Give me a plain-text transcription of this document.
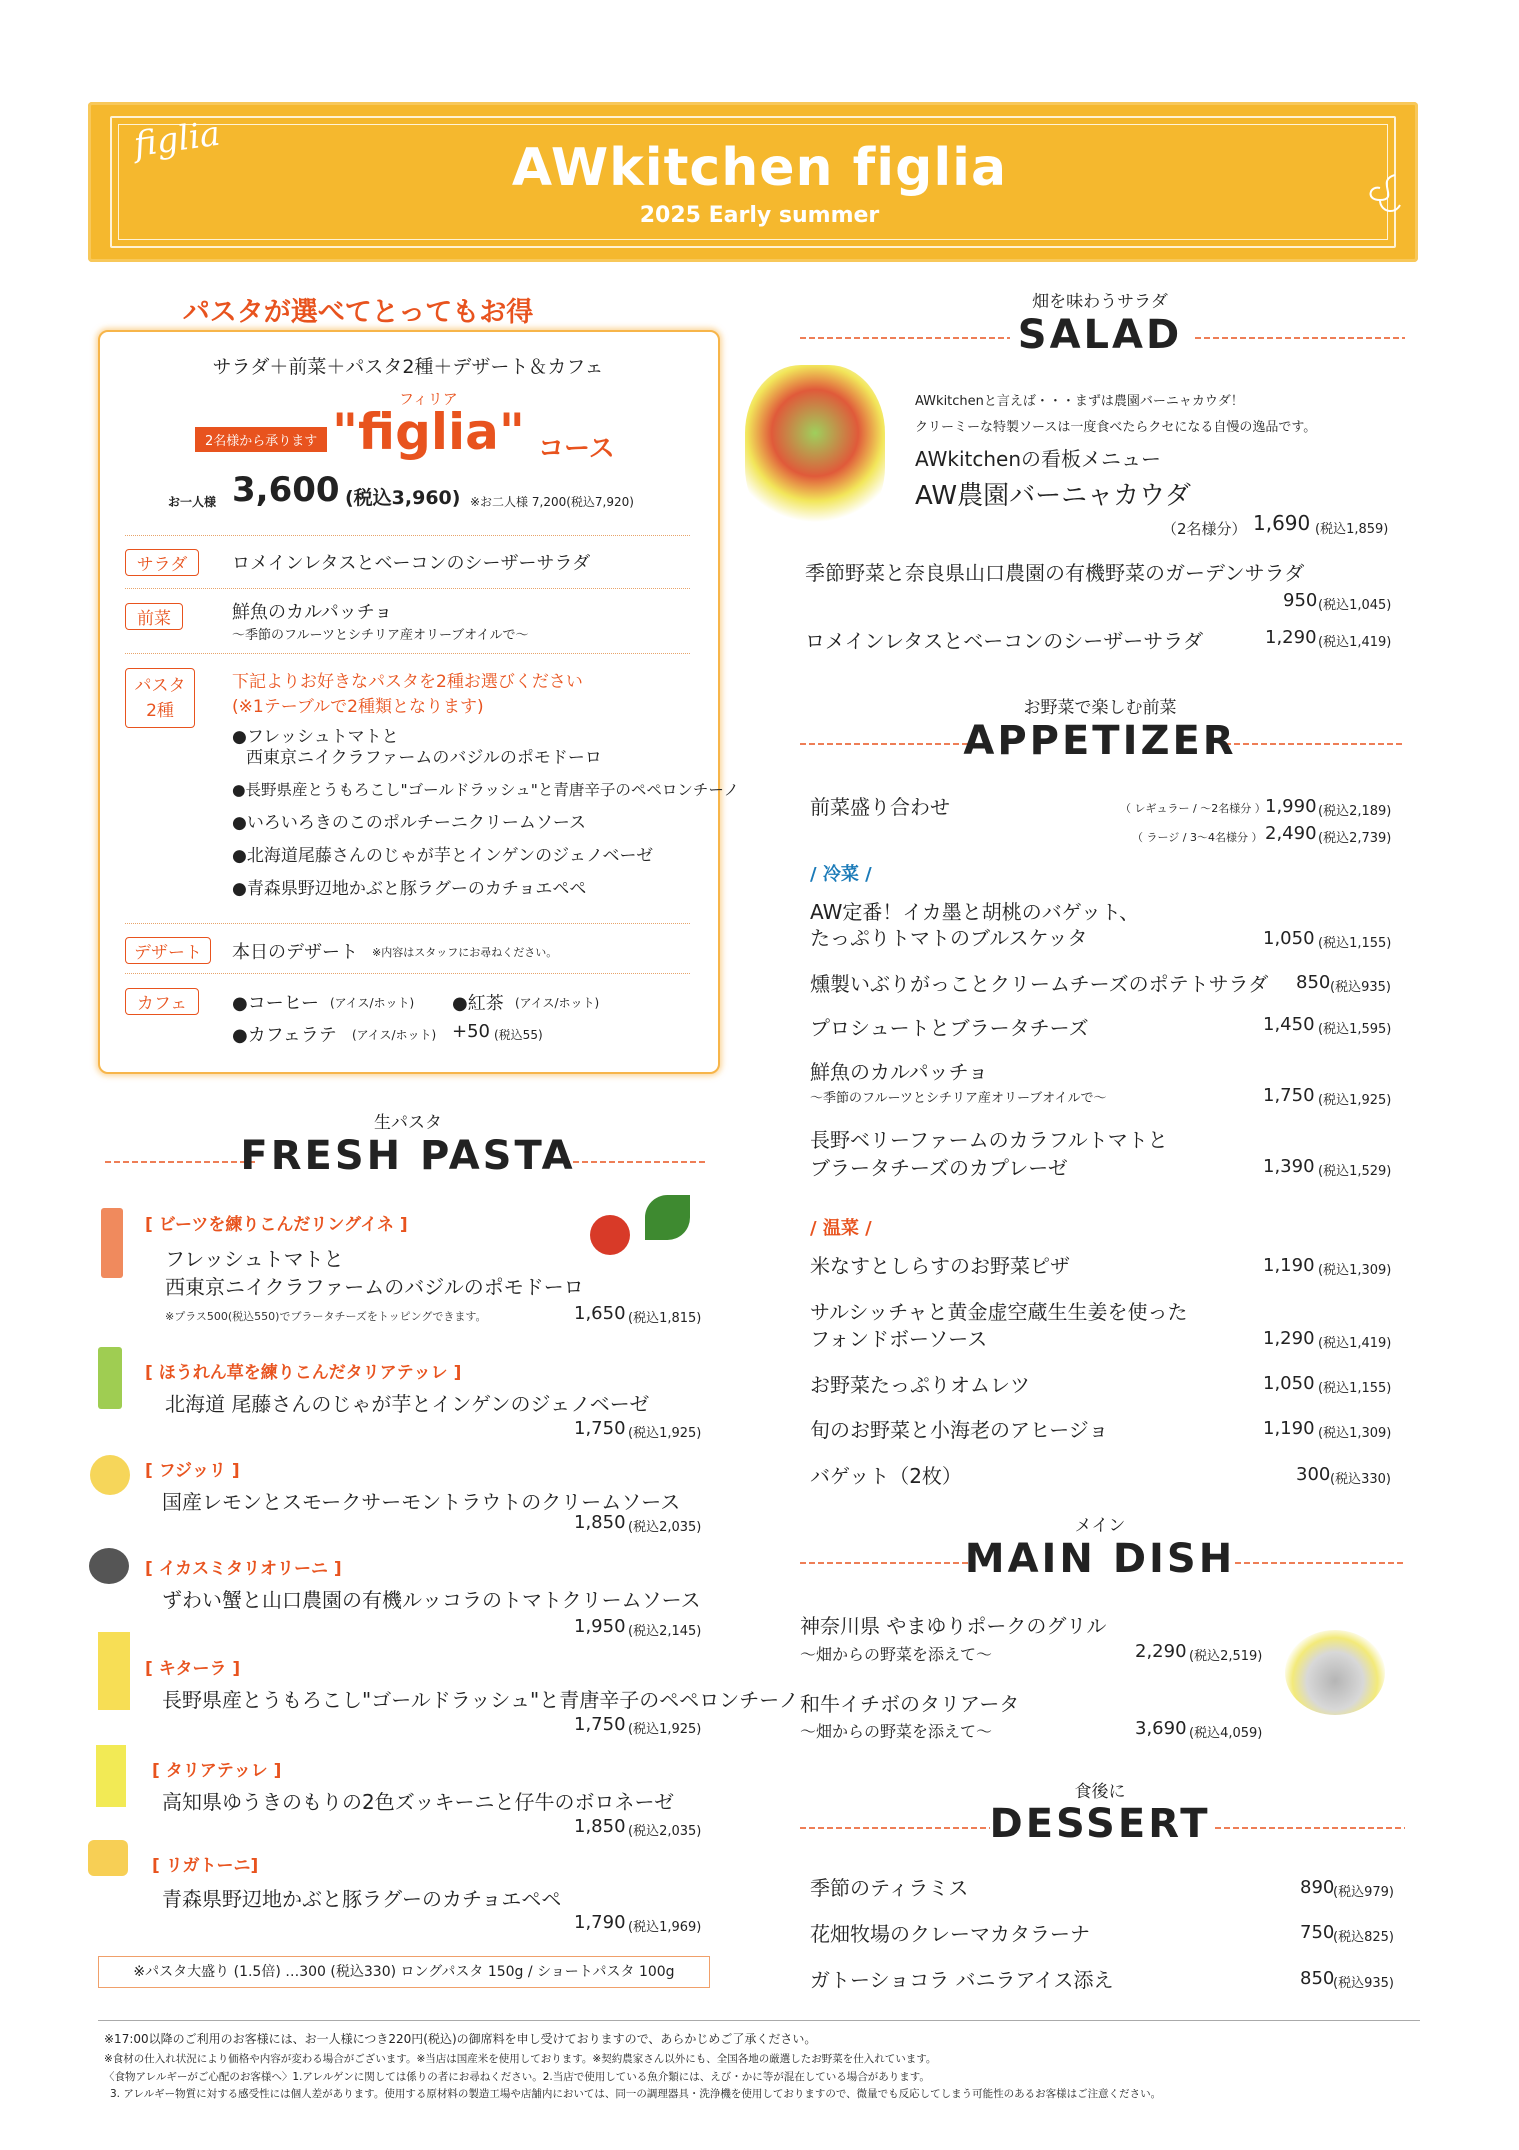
figlia	AWkitchen figlia
2025 Early summer
パスタが選べてとってもお得
サラダ＋前菜＋パスタ2種＋デザート＆カフェ
2名様から承ります
フィリア
"figlia" コース
お一人様 3,600 (税込3,960) ※お二人様 7,200(税込7,920)
サラダ	ロメインレタスとベーコンのシーザーサラダ
前菜	鮮魚のカルパッチョ
～季節のフルーツとシチリア産オリーブオイルで～
パスタ
2種
下記よりお好きなパスタを2種お選びください
(※1テーブルで2種類となります)
●フレッシュトマトと
西東京ニイクラファームのバジルのポモドーロ
●長野県産とうもろこし"ゴールドラッシュ"と青唐辛子のペペロンチーノ
●いろいろきのこのポルチーニクリームソース
●北海道尾藤さんのじゃが芋とインゲンのジェノベーゼ
●青森県野辺地かぶと豚ラグーのカチョエペペ
デザート	本日のデザート ※内容はスタッフにお尋ねください。
カフェ	●コーヒー (アイス/ホット) ●紅茶 (アイス/ホット)
●カフェラテ (アイス/ホット) +50 (税込55)
生パスタ
FRESH PASTA
[ ビーツを練りこんだリングイネ ]
フレッシュトマトと
西東京ニイクラファームのバジルのポモドーロ
※プラス500(税込550)でブラータチーズをトッピングできます。	1,650 (税込1,815)
[ ほうれん草を練りこんだタリアテッレ ]
北海道 尾藤さんのじゃが芋とインゲンのジェノベーゼ
1,750 (税込1,925)
[ フジッリ ]
国産レモンとスモークサーモントラウトのクリームソース
1,850 (税込2,035)
[ イカスミタリオリーニ ]
ずわい蟹と山口農園の有機ルッコラのトマトクリームソース
1,950 (税込2,145)
[ キターラ ]
長野県産とうもろこし"ゴールドラッシュ"と青唐辛子のペペロンチーノ
1,750 (税込1,925)
[ タリアテッレ ]
高知県ゆうきのもりの2色ズッキーニと仔牛のボロネーゼ
1,850 (税込2,035)
[ リガトーニ]
青森県野辺地かぶと豚ラグーのカチョエペペ
1,790 (税込1,969)
※パスタ大盛り (1.5倍) …300 (税込330) ロングパスタ 150g / ショートパスタ 100g
畑を味わうサラダ
SALAD
AWkitchenと言えば・・・まずは農園バーニャカウダ！
クリーミーな特製ソースは一度食べたらクセになる自慢の逸品です。
AWkitchenの看板メニュー
AW農園バーニャカウダ
（2名様分） 1,690 (税込1,859)
季節野菜と奈良県山口農園の有機野菜のガーデンサラダ
950 (税込1,045)
ロメインレタスとベーコンのシーザーサラダ	1,290 (税込1,419)
お野菜で楽しむ前菜
APPETIZER
前菜盛り合わせ	（ レギュラー / ～2名様分 ） 1,990 (税込2,189)
（ ラージ / 3～4名様分 ） 2,490 (税込2,739)
/ 冷菜 /
AW定番！イカ墨と胡桃のバゲット、
たっぷりトマトのブルスケッタ	1,050 (税込1,155)
燻製いぶりがっことクリームチーズのポテトサラダ 850 (税込935)
プロシュートとブラータチーズ	1,450 (税込1,595)
鮮魚のカルパッチョ
～季節のフルーツとシチリア産オリーブオイルで～	1,750 (税込1,925)
長野ベリーファームのカラフルトマトと
ブラータチーズのカプレーゼ	1,390 (税込1,529)
/ 温菜 /
米なすとしらすのお野菜ピザ	1,190 (税込1,309)
サルシッチャと黄金虚空蔵生生姜を使った
フォンドボーソース	1,290 (税込1,419)
お野菜たっぷりオムレツ	1,050 (税込1,155)
旬のお野菜と小海老のアヒージョ	1,190 (税込1,309)
バゲット（2枚）	300 (税込330)
メイン
MAIN DISH
神奈川県 やまゆりポークのグリル
～畑からの野菜を添えて～	2,290 (税込2,519)
和牛イチボのタリアータ
～畑からの野菜を添えて～	3,690 (税込4,059)
食後に
DESSERT
季節のティラミス	890
(税込979)
花畑牧場のクレーマカタラーナ	750
(税込825)
ガトーショコラ バニラアイス添え	850
(税込935)
※17:00以降のご利用のお客様には、お一人様につき220円(税込)の御席料を申し受けておりますので、あらかじめご了承ください。
※食材の仕入れ状況により価格や内容が変わる場合がございます。※当店は国産米を使用しております。※契約農家さん以外にも、全国各地の厳選したお野菜を仕入れています。
〈食物アレルギーがご心配のお客様へ〉1.アレルゲンに関しては係りの者にお尋ねください。2.当店で使用している魚介類には、えび・かに等が混在している場合があります。
3. アレルギー物質に対する感受性には個人差があります。使用する原材料の製造工場や店舗内においては、同一の調理器具・洗浄機を使用しておりますので、微量でも反応してしまう可能性のあるお客様はご注意ください。
